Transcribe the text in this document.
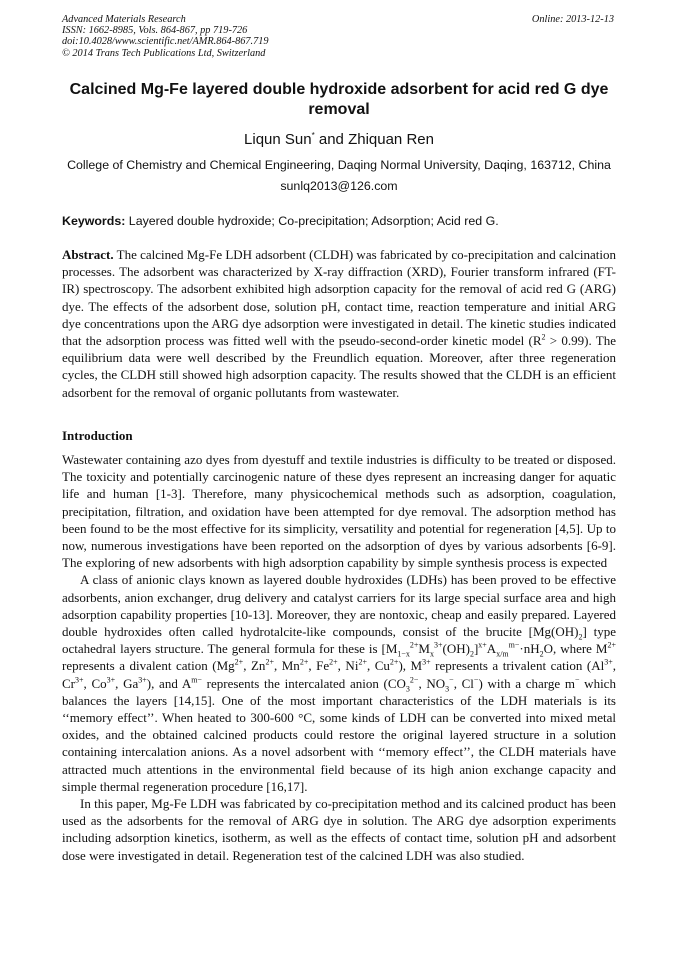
Advanced Materials Research
ISSN: 1662-8985, Vols. 864-867, pp 719-726
doi:10.4028/www.scientific.net/AMR.864-867.719
© 2014 Trans Tech Publications Ltd, Switzerland
Online: 2013-12-13
Calcined Mg-Fe layered double hydroxide adsorbent for acid red G dye removal
Liqun Sun* and Zhiquan Ren
College of Chemistry and Chemical Engineering, Daqing Normal University, Daqing, 163712, China
sunlq2013@126.com
Keywords: Layered double hydroxide; Co-precipitation; Adsorption; Acid red G.
Abstract. The calcined Mg-Fe LDH adsorbent (CLDH) was fabricated by co-precipitation and calcination processes. The adsorbent was characterized by X-ray diffraction (XRD), Fourier transform infrared (FT-IR) spectroscopy. The adsorbent exhibited high adsorption capacity for the removal of acid red G (ARG) dye. The effects of the adsorbent dose, solution pH, contact time, reaction temperature and initial ARG dye concentrations upon the ARG dye adsorption were investigated in detail. The kinetic studies indicated that the adsorption process was fitted well with the pseudo-second-order kinetic model $(R^2 > 0.99)$. The equilibrium data were well described by the Freundlich equation. Moreover, after three regeneration cycles, the CLDH still showed high adsorption capacity. The results showed that the CLDH is an efficient adsorbent for the removal of organic pollutants from wastewater.
Introduction

Wastewater containing azo dyes from dyestuff and textile industries is difficulty to be treated or disposed. The toxicity and potentially carcinogenic nature of these dyes represent an increasing danger for aquatic life and human [1-3]. Therefore, many physicochemical methods such as adsorption, coagulation, precipitation, filtration, and oxidation have been attempted for dye removal. The adsorption method has been found to be the most effective for its simplicity, versatility and potential for regeneration [4,5]. Up to now, numerous investigations have been reported on the adsorption of dyes by various adsorbents [6-9]. The exploring of new adsorbents with high adsorption capability by simple synthesis process is expected

A class of anionic clays known as layered double hydroxides (LDHs) has been proved to be effective adsorbents, anion exchanger, drug delivery and catalyst carriers for its large special surface area and high adsorption capability properties [10-13]. Moreover, they are nontoxic, cheap and easily prepared. Layered double hydroxides often called hydrotalcite-like compounds, consist of the brucite $[Mg(OH)_2]$ type octahedral layers structure. The general formula for these is $[M_{1-x}^{2+}M_x^{3+}(OH)_2]^{x+}A_{x/m}^{m-}\cdot nH_2O$, where $M^{2+}$ represents a divalent cation ($Mg^{2+}$, $Zn^{2+}$, $Mn^{2+}$, $Fe^{2+}$, $Ni^{2+}$, $Cu^{2+}$), $M^{3+}$ represents a trivalent cation ($Al^{3+}$, $Cr^{3+}$, $Co^{3+}$, $Ga^{3+}$), and $A^{m-}$ represents the intercalated anion ($CO_3^{2-}$, $NO_3^-$, Cl−) with a charge m− which balances the layers [14,15]. One of the most important characteristics of the LDH materials is its ‘‘memory effect’’. When heated to 300-600 °C, some kinds of LDH can be converted into mixed metal oxides, and the obtained calcined products could restore the original layered structure in a solution containing intercalation anions. As a novel adsorbent with ‘‘memory effect’’, the CLDH materials have attracted much attentions in the environmental field because of its high anion exchange capacity and simple thermal regeneration procedure [16,17].

In this paper, Mg-Fe LDH was fabricated by co-precipitation method and its calcined product has been used as the adsorbents for the removal of ARG dye in solution. The ARG dye adsorption experiments including adsorption kinetics, isotherm, as well as the effects of contact time, solution pH and adsorbent dose were investigated in detail. Regeneration test of the calcined LDH was also studied.
